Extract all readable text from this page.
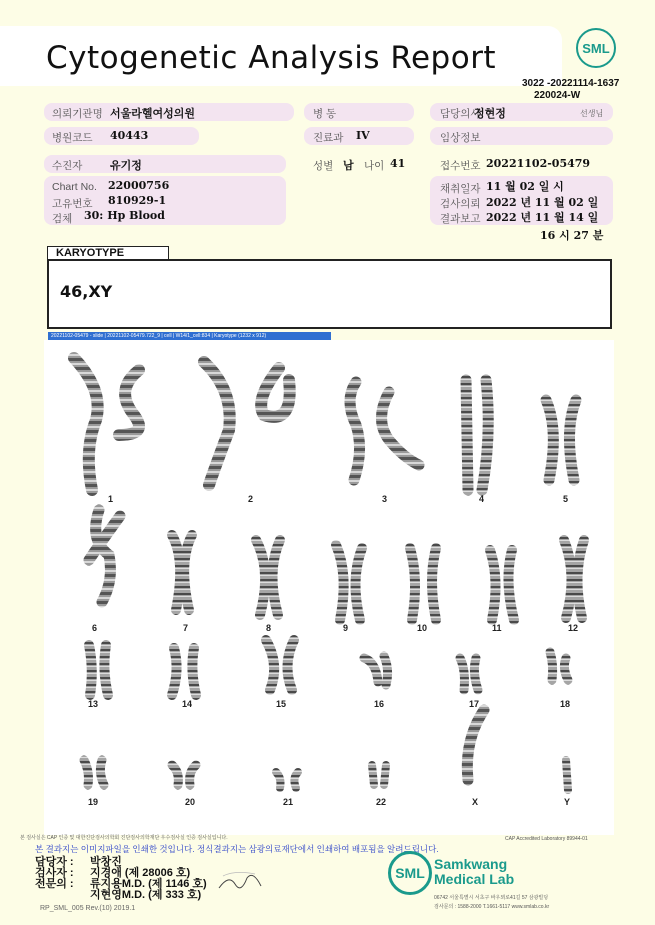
Cytogenetic Analysis Report	SML
3022 -20221114-1637
220024-W
의뢰기관명 서울라헬여성의원	병 동	담당의사
정현정	선생님
병원코드 40443	진료과 IV	임상정보
수진자	유기정	성별 남 나이 41	접수번호 20221102-05479
Chart No. 22000756
고유번호 810929-1
검체 30: Hp Blood
채취일자 11 월 02 일 시
검사의뢰 2022 년 11 월 02 일
결과보고 2022 년 11 월 14 일
16 시 27 분
KARYOTYPE
46,XY
20221102-05479 - slide | 20221102-05479.722_9 | cell | W14/1_cell:834 | Karyotype (1232 x 912)
1	2	3	4	5
6	7	8	9	10	11	12
13	14	15	16	17	18
19	20	21	22	X	Y
본 검사실은 CAP 인증 및 대한진단검사의학회 진단검사의학재단 우수검사실 인증 검사실입니다.	CAP Accredited Laboratory 89944-01
본 결과지는 이미지파일을 인쇄한 것입니다. 정식결과지는 삼광의료재단에서 인쇄하여 배포됨을 알려드립니다.
담당자 : 박창진
검사자 : 지경애 (제 28006 호)
전문의 : 류지용M.D. (제 1146 호)
지현영M.D. (제 333 호)
SML
Samkwang
Medical Lab
06742 서울특별시 서초구 바우뫼로41길 57 삼광빌딩
검사문의 : 1588-2000 T.1661-5117 www.smlab.co.kr
RP_SML_005 Rev.(10) 2019.1
